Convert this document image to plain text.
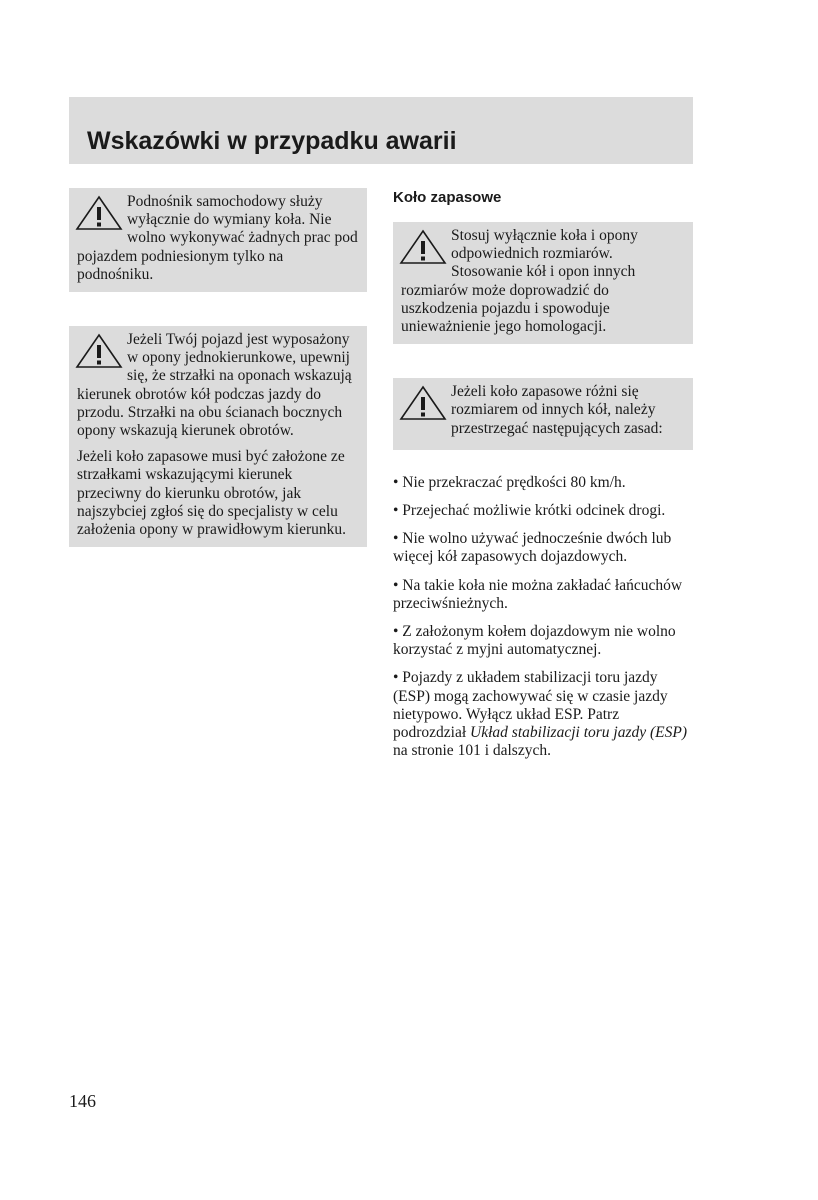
Wskazówki w przypadku awarii

Podnośnik samochodowy służy wyłącznie do wymiany koła. Nie wolno wykonywać żadnych prac pod pojazdem podniesionym tylko na podnośniku.

Jeżeli Twój pojazd jest wyposażony w opony jednokierunkowe, upewnij się, że strzałki na oponach wskazują kierunek obrotów kół podczas jazdy do przodu. Strzałki na obu ścianach bocznych opony wskazują kierunek obrotów.

Jeżeli koło zapasowe musi być założone ze strzałkami wskazującymi kierunek przeciwny do kierunku obrotów, jak najszybciej zgłoś się do specjalisty w celu założenia opony w prawidłowym kierunku.

Koło zapasowe

Stosuj wyłącznie koła i opony odpowiednich rozmiarów. Stosowanie kół i opon innych rozmiarów może doprowadzić do uszkodzenia pojazdu i spowoduje unieważnienie jego homologacji.

Jeżeli koło zapasowe różni się rozmiarem od innych kół, należy przestrzegać następujących zasad:

• Nie przekraczać prędkości 80 km/h.
• Przejechać możliwie krótki odcinek drogi.
• Nie wolno używać jednocześnie dwóch lub więcej kół zapasowych dojazdowych.
• Na takie koła nie można zakładać łańcuchów przeciwśnieżnych.
• Z założonym kołem dojazdowym nie wolno korzystać z myjni automatycznej.
• Pojazdy z układem stabilizacji toru jazdy (ESP) mogą zachowywać się w czasie jazdy nietypowo. Wyłącz układ ESP. Patrz podrozdział Układ stabilizacji toru jazdy (ESP) na stronie 101 i dalszych.
146
